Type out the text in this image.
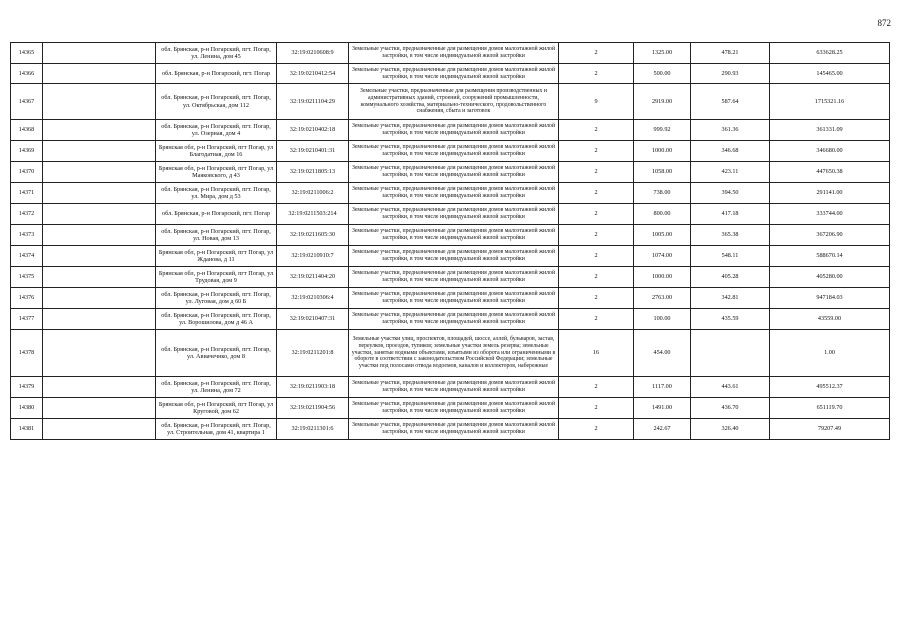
872
14365		обл. Брянская, р-н Погарский, пгт. Погар, ул. Ленина, дом 45	32:19:0210608:9	Земельные участки, предназначенные для размещения домов малоэтажной жилой застройки, в том числе индивидуальной жилой застройки	2	1325.00	478.21	633628.25
14366		обл. Брянская, р-н Погарский, пгт. Погар	32:19:0210412:54	Земельные участки, предназначенные для размещения домов малоэтажной жилой застройки, в том числе индивидуальной жилой застройки	2	500.00	290.93	145465.00
14367		обл. Брянская, р-н Погарский, пгт. Погар, ул. Октябрьская, дом 112	32:19:0211104:29	Земельные участки, предназначенные для размещения производственных и административных зданий, строений, сооружений промышленности, коммунального хозяйства, материально-технического, продовольственного снабжения, сбыта и заготовок	9	2919.00	587.64	1715321.16
14368		обл. Брянская, р-н Погарский, пгт. Погар, ул. Озерная, дом 4	32:19:0210402:18	Земельные участки, предназначенные для размещения домов малоэтажной жилой застройки, в том числе индивидуальной жилой застройки	2	999.92	361.36	361331.09
14369		Брянская обл, р-н Погарский, пгт Погар, ул Благодатная, дом 16	32:19:0210401:31	Земельные участки, предназначенные для размещения домов малоэтажной жилой застройки, в том числе индивидуальной жилой застройки	2	1000.00	346.68	346680.00
14370		Брянская обл, р-н Погарский, пгт Погар, ул Маяковского, д 43	32:19:0211805:13	Земельные участки, предназначенные для размещения домов малоэтажной жилой застройки, в том числе индивидуальной жилой застройки	2	1058.00	423.11	447650.38
14371		обл. Брянская, р-н Погарский, пгт. Погар, ул. Мира, дом д 53	32:19:0211006:2	Земельные участки, предназначенные для размещения домов малоэтажной жилой застройки, в том числе индивидуальной жилой застройки	2	738.00	394.50	291141.00
14372		обл. Брянская, р-н Погарский, пгт. Погар	32:19:0211503:214	Земельные участки, предназначенные для размещения домов малоэтажной жилой застройки, в том числе индивидуальной жилой застройки	2	800.00	417.18	333744.00
14373		обл. Брянская, р-н Погарский, пгт. Погар, ул. Новая, дом 13	32:19:0211605:30	Земельные участки, предназначенные для размещения домов малоэтажной жилой застройки, в том числе индивидуальной жилой застройки	2	1005.00	365.38	367206.90
14374		Брянская обл, р-н Погарский, пгт Погар, ул Жданова, д 11	32:19:0210910:7	Земельные участки, предназначенные для размещения домов малоэтажной жилой застройки, в том числе индивидуальной жилой застройки	2	1074.00	548.11	588670.14
14375		Брянская обл, р-н Погарский, пгт Погар, ул Трудовая, дом 9	32:19:0211404:20	Земельные участки, предназначенные для размещения домов малоэтажной жилой застройки, в том числе индивидуальной жилой застройки	2	1000.00	405.28	405280.00
14376		обл. Брянская, р-н Погарский, пгт. Погар, ул. Луговая, дом д 60 Б	32:19:0210306:4	Земельные участки, предназначенные для размещения домов малоэтажной жилой застройки, в том числе индивидуальной жилой застройки	2	2763.00	342.81	947184.03
14377		обл. Брянская, р-н Погарский, пгт. Погар, ул. Ворошилова, дом д 46 А	32:19:0210407:31	Земельные участки, предназначенные для размещения домов малоэтажной жилой застройки, в том числе индивидуальной жилой застройки	2	100.00	435.59	43559.00
14378		обл. Брянская, р-н Погарский, пгт. Погар, ул. Авиачечнко, дом 8	32:19:0211201:8	Земельные участки улиц, проспектов, площадей, шоссе, аллей, бульваров, застав, переулков, проездов, тупиков; земельные участки земель резерва; земельные участки, занятые водными объектами, изъятыми из оборота или ограниченными в обороте в соответствии с законодательством Российской Федерации; земельные участки под полосами отвода водоемов, каналов и коллекторов, набережные	16	454.00		1.00
14379		обл. Брянская, р-н Погарский, пгт. Погар, ул. Ленина, дом 72	32:19:0211903:18	Земельные участки, предназначенные для размещения домов малоэтажной жилой застройки, в том числе индивидуальной жилой застройки	2	1117.00	443.61	495512.37
14380		Брянская обл, р-н Погарский, пгт Погар, ул Круговой, дом 62	32:19:0211904:56	Земельные участки, предназначенные для размещения домов малоэтажной жилой застройки, в том числе индивидуальной жилой застройки	2	1491.00	436.70	651119.70
14381		обл. Брянская, р-н Погарский, пгт. Погар, ул. Строительная, дом 41, квартира 1	32:19:0211301:6	Земельные участки, предназначенные для размещения домов малоэтажной жилой застройки, в том числе индивидуальной жилой застройки	2	242.67	326.40	79207.49
